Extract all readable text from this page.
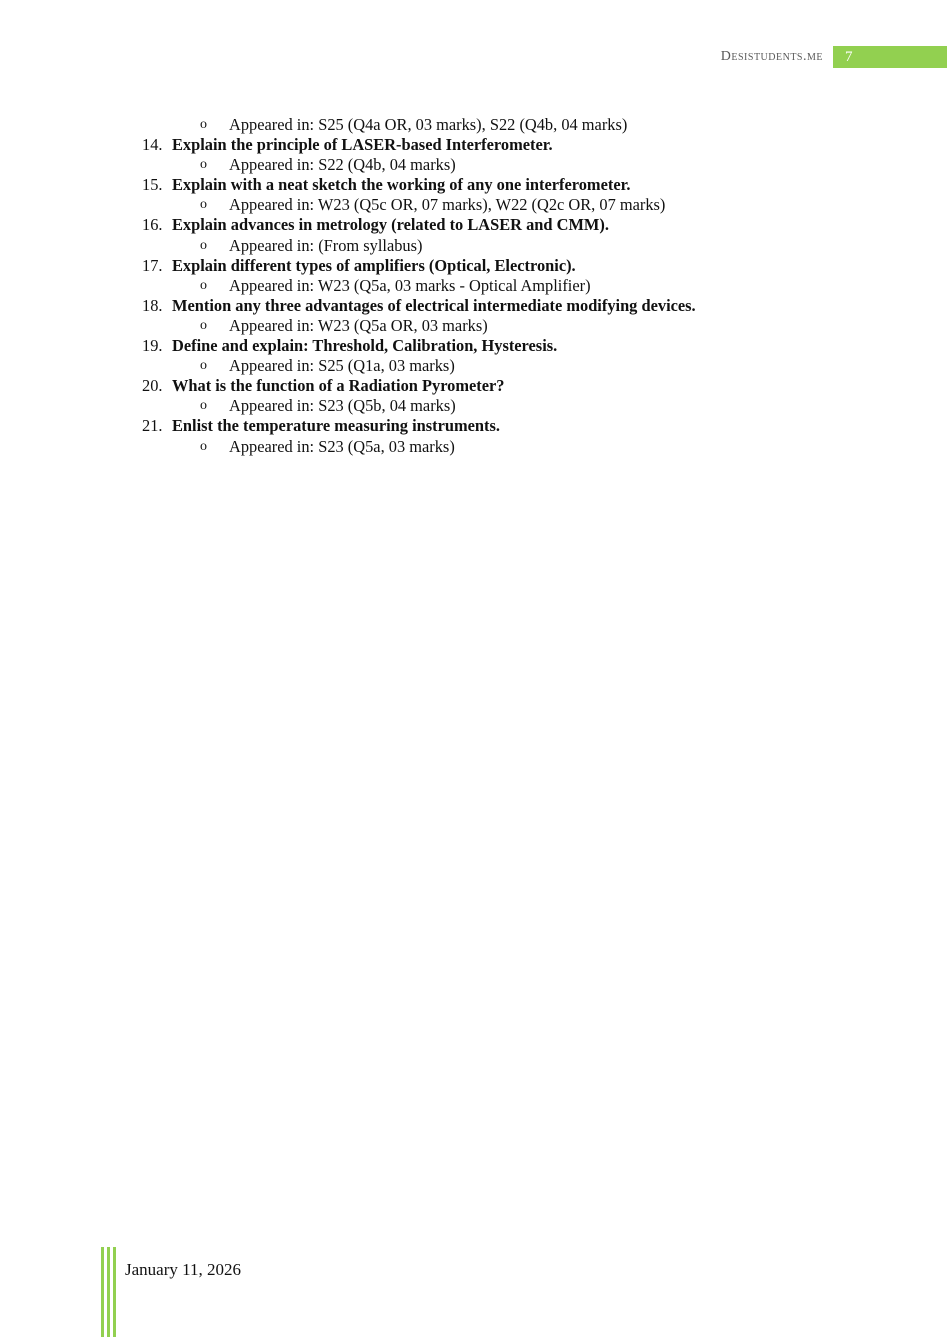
Desistudents.me 7
o Appeared in: S25 (Q4a OR, 03 marks), S22 (Q4b, 04 marks)
14. Explain the principle of LASER-based Interferometer.
o Appeared in: S22 (Q4b, 04 marks)
15. Explain with a neat sketch the working of any one interferometer.
o Appeared in: W23 (Q5c OR, 07 marks), W22 (Q2c OR, 07 marks)
16. Explain advances in metrology (related to LASER and CMM).
o Appeared in: (From syllabus)
17. Explain different types of amplifiers (Optical, Electronic).
o Appeared in: W23 (Q5a, 03 marks - Optical Amplifier)
18. Mention any three advantages of electrical intermediate modifying devices.
o Appeared in: W23 (Q5a OR, 03 marks)
19. Define and explain: Threshold, Calibration, Hysteresis.
o Appeared in: S25 (Q1a, 03 marks)
20. What is the function of a Radiation Pyrometer?
o Appeared in: S23 (Q5b, 04 marks)
21. Enlist the temperature measuring instruments.
o Appeared in: S23 (Q5a, 03 marks)
January 11, 2026
